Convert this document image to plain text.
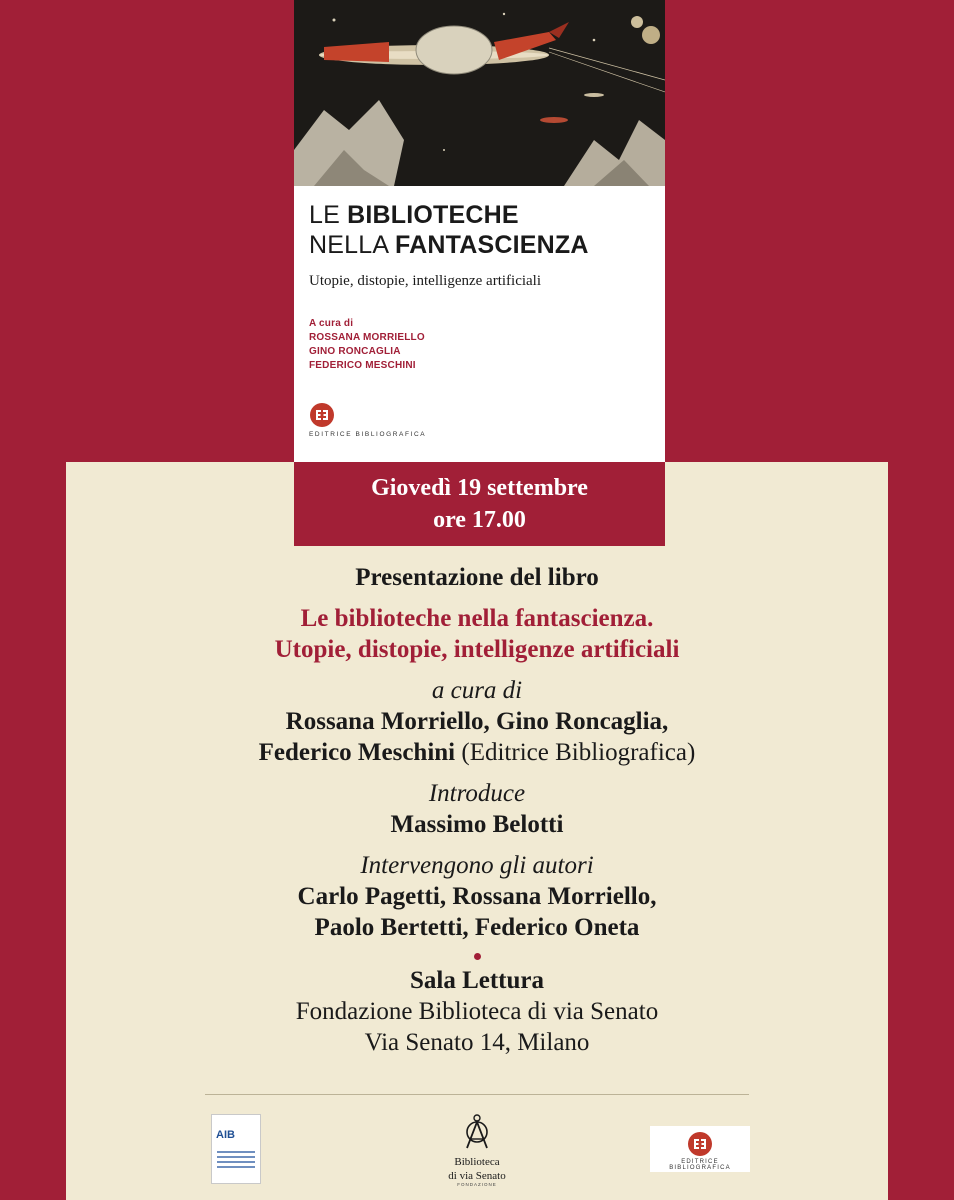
LE BIBLIOTECHE
NELLA FANTASCIENZA
Utopie, distopie, intelligenze artificiali
A cura di
ROSSANA MORRIELLO
GINO RONCAGLIA
FEDERICO MESCHINI
EDITRICE BIBLIOGRAFICA
Giovedì 19 settembre
ore 17.00
Presentazione del libro
Le biblioteche nella fantascienza.
Utopie, distopie, intelligenze artificiali
a cura di
Rossana Morriello, Gino Roncaglia,
Federico Meschini (Editrice Bibliografica)
Introduce
Massimo Belotti
Intervengono gli autori
Carlo Pagetti, Rossana Morriello,
Paolo Bertetti, Federico Oneta
Sala Lettura
Fondazione Biblioteca di via Senato
Via Senato 14, Milano
AIB
Biblioteca
di via Senato
FONDAZIONE
EDITRICE BIBLIOGRAFICA
